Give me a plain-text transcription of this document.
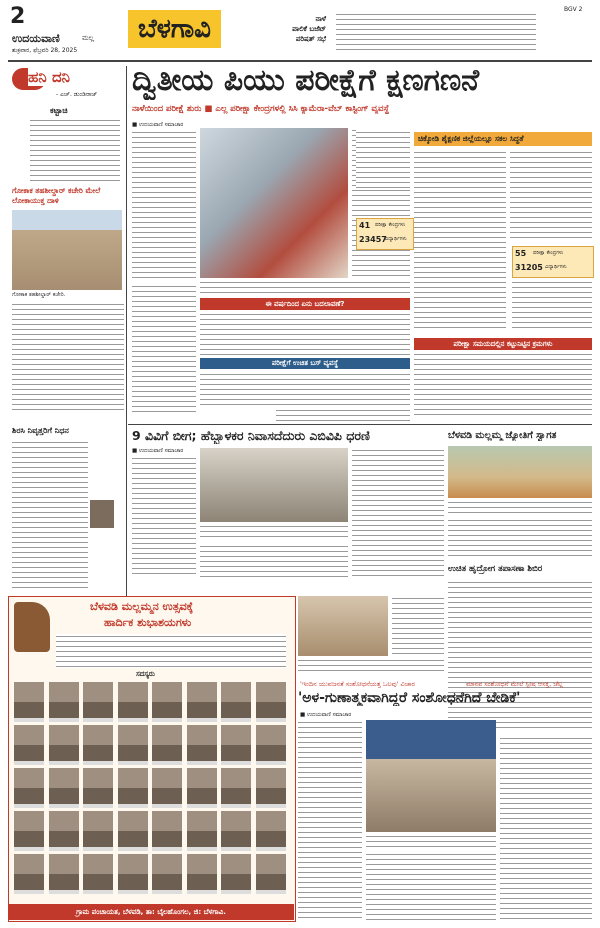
2
ಉದಯವಾಣಿ	ಮಲ್ಲ
ಶುಕ್ರವಾರ, ಫೆಬ್ರವರಿ 28, 2025
ಬೆಳಗಾವಿ	ನಾಳೆ
ಪಾಲಿಕೆ ಬಜೆಟ್
ಪರಿಷತ್ ಸಭೆ
BGV 2
ಹನಿ ದನಿ
- ಎಚ್. ಡುಂಡಿರಾಜ್
ಕಟ್ಟಾಚಿ
ಗೋಕಾಕ ತಹಶೀಲ್ದಾರ್ ಕಚೇರಿ ಮೇಲೆ ಲೋಕಾಯುಕ್ತ ದಾಳಿ
ಗೋಕಾಕ ತಹಶೀಲ್ದಾರ್ ಕಚೇರಿ.
ಶಿರಸಿ ನಿವೃತ್ತರಿಗೆ ನಿಧನ
ದ್ವಿತೀಯ ಪಿಯು ಪರೀಕ್ಷೆಗೆ ಕ್ಷಣಗಣನೆ
ನಾಳೆಯಿಂದ ಪರೀಕ್ಷೆ ಶುರು ■ ಎಲ್ಲ ಪರೀಕ್ಷಾ ಕೇಂದ್ರಗಳಲ್ಲಿ ಸಿಸಿ ಕ್ಯಾಮೆರಾ-ವೆಬ್ ಕಾಸ್ಟಿಂಗ್ ವ್ಯವಸ್ಥೆ
■ ಉದಯವಾಣಿ ಸಮಾಚಾರ
41 ಪರೀಕ್ಷಾ ಕೇಂದ್ರಗಳು
23457
ವಿದ್ಯಾರ್ಥಿಗಳು
ಈ ವರ್ಷದಿಂದ ಏನು ಬದಲಾವಣೆ?
ಪರೀಕ್ಷೆಗೆ ಉಚಿತ ಬಸ್ ವ್ಯವಸ್ಥೆ
ಚಿಕ್ಕೋಡಿ ಶೈಕ್ಷಣಿಕ ಜಿಲ್ಲೆಯಲ್ಲೂ ಸಕಲ ಸಿದ್ಧತೆ
55 ಪರೀಕ್ಷಾ ಕೇಂದ್ರಗಳು
31205 ವಿದ್ಯಾರ್ಥಿಗಳು
ಪರೀಕ್ಷಾ ಸಮಯದಲ್ಲಿನ ಕಟ್ಟುನಿಟ್ಟಿನ ಕ್ರಮಗಳು
9 ವಿವಿಗೆ ಬೀಗ; ಹೆಬ್ಬಾಳಕರ ನಿವಾಸದೆದುರು ಎಬಿವಿಪಿ ಧರಣಿ
■ ಉದಯವಾಣಿ ಸಮಾಚಾರ
ಬೆಳವಡಿ ಮಲ್ಲಮ್ಮ ಜ್ಯೋತಿಗೆ ಸ್ವಾಗತ
ಉಚಿತ ಹೃದ್ರೋಗ ತಪಾಸಣಾ ಶಿಬಿರ
ಬೆಳವಡಿ ಮಲ್ಲಮ್ಮನ ಉತ್ಸವಕ್ಕೆ
ಹಾರ್ದಿಕ ಶುಭಾಶಯಗಳು
ಸದಸ್ಯರು
ಗ್ರಾಮ ಪಂಚಾಯತ, ಬೆಳವಡಿ, ತಾ: ಬೈಲಹೊಂಗಲ, ಜಿ: ಬೆಳಗಾವಿ.
'ಇಂದಿನ ಯುವಜನತೆ ಸಂಶೋಧನೆಯತ್ತ ಒಲವು' ವಿಚಾರ	ಮಾನವ ಸಂಶೋಧನೆ ಮೇಲೆ ಸ್ಪೀಷ ಆಸಕ್ತಿ, ಚೆಲ್ಲ
'ಅಳ-ಗುಣಾತ್ಮಕವಾಗಿದ್ದರೆ ಸಂಶೋಧನೆಗಿದೆ ಬೇಡಿಕೆ'
■ ಉದಯವಾಣಿ ಸಮಾಚಾರ
